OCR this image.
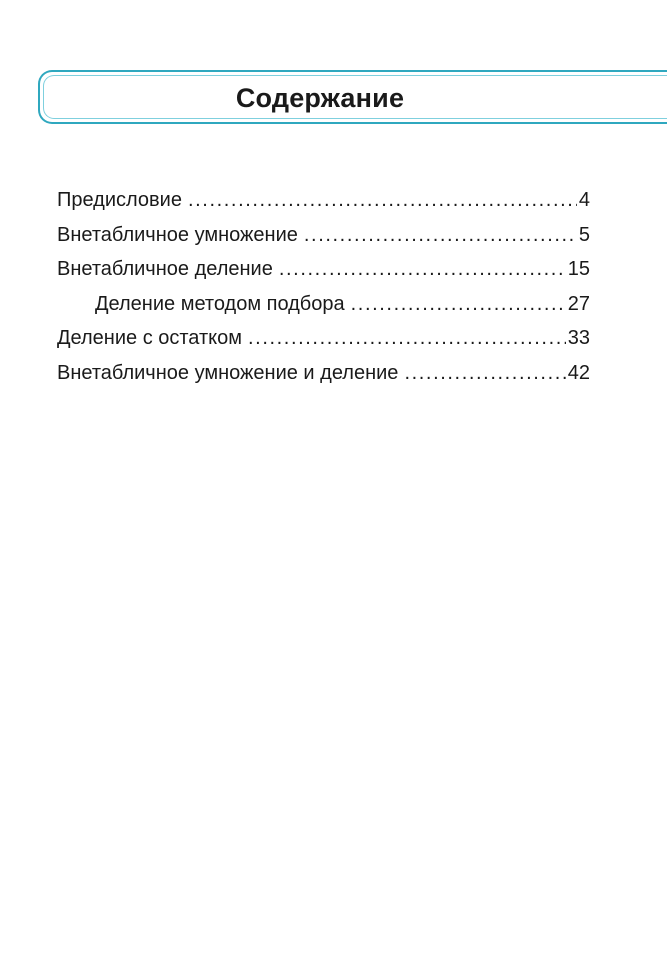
Содержание
Предисловие .....	4
Внетабличное умножение .....	5
Внетабличное деление .....	15
Деление методом подбора .....	27
Деление с остатком .....	33
Внетабличное умножение и деление .....	42
